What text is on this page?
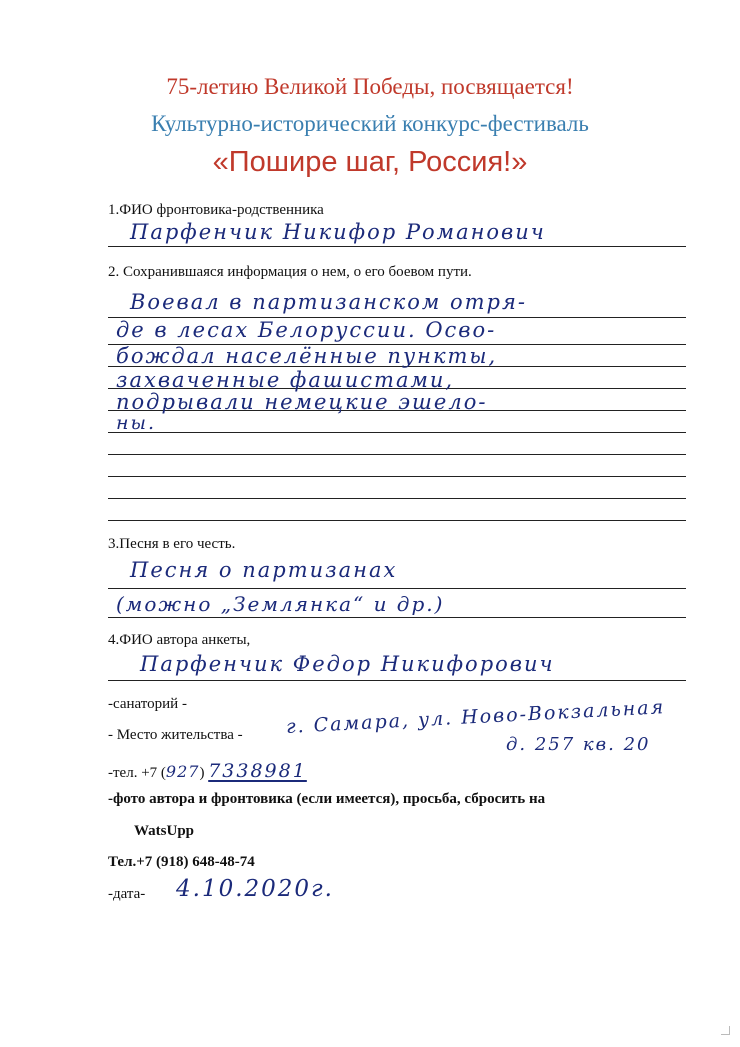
75-летию Великой Победы, посвящается!
Культурно-исторический конкурс-фестиваль
«Пошире шаг, Россия!»
1.ФИО фронтовика-родственника
Парфенчик Никифор Романович
2. Сохранившаяся информация о нем, о его боевом пути.
Воевал в партизанском отря-
де в лесах Белоруссии. Осво-
бождал населённые пункты,
захваченные фашистами,
подрывали немецкие эшело-
ны.
3.Песня в его честь.
Песня о партизанах
(можно „Землянка“ и др.)
4.ФИО автора анкеты,
Парфенчик Федор Никифорович
-санаторий -
- Место жительства - г. Самара, ул. Ново-Вокзальная
д. 257 кв. 20
-тел. +7 (927) 7338981
-фото автора и фронтовика (если имеется), просьба, сбросить на
WatsUpp
Тел.+7 (918) 648-48-74
-дата- 4.10.2020г.
